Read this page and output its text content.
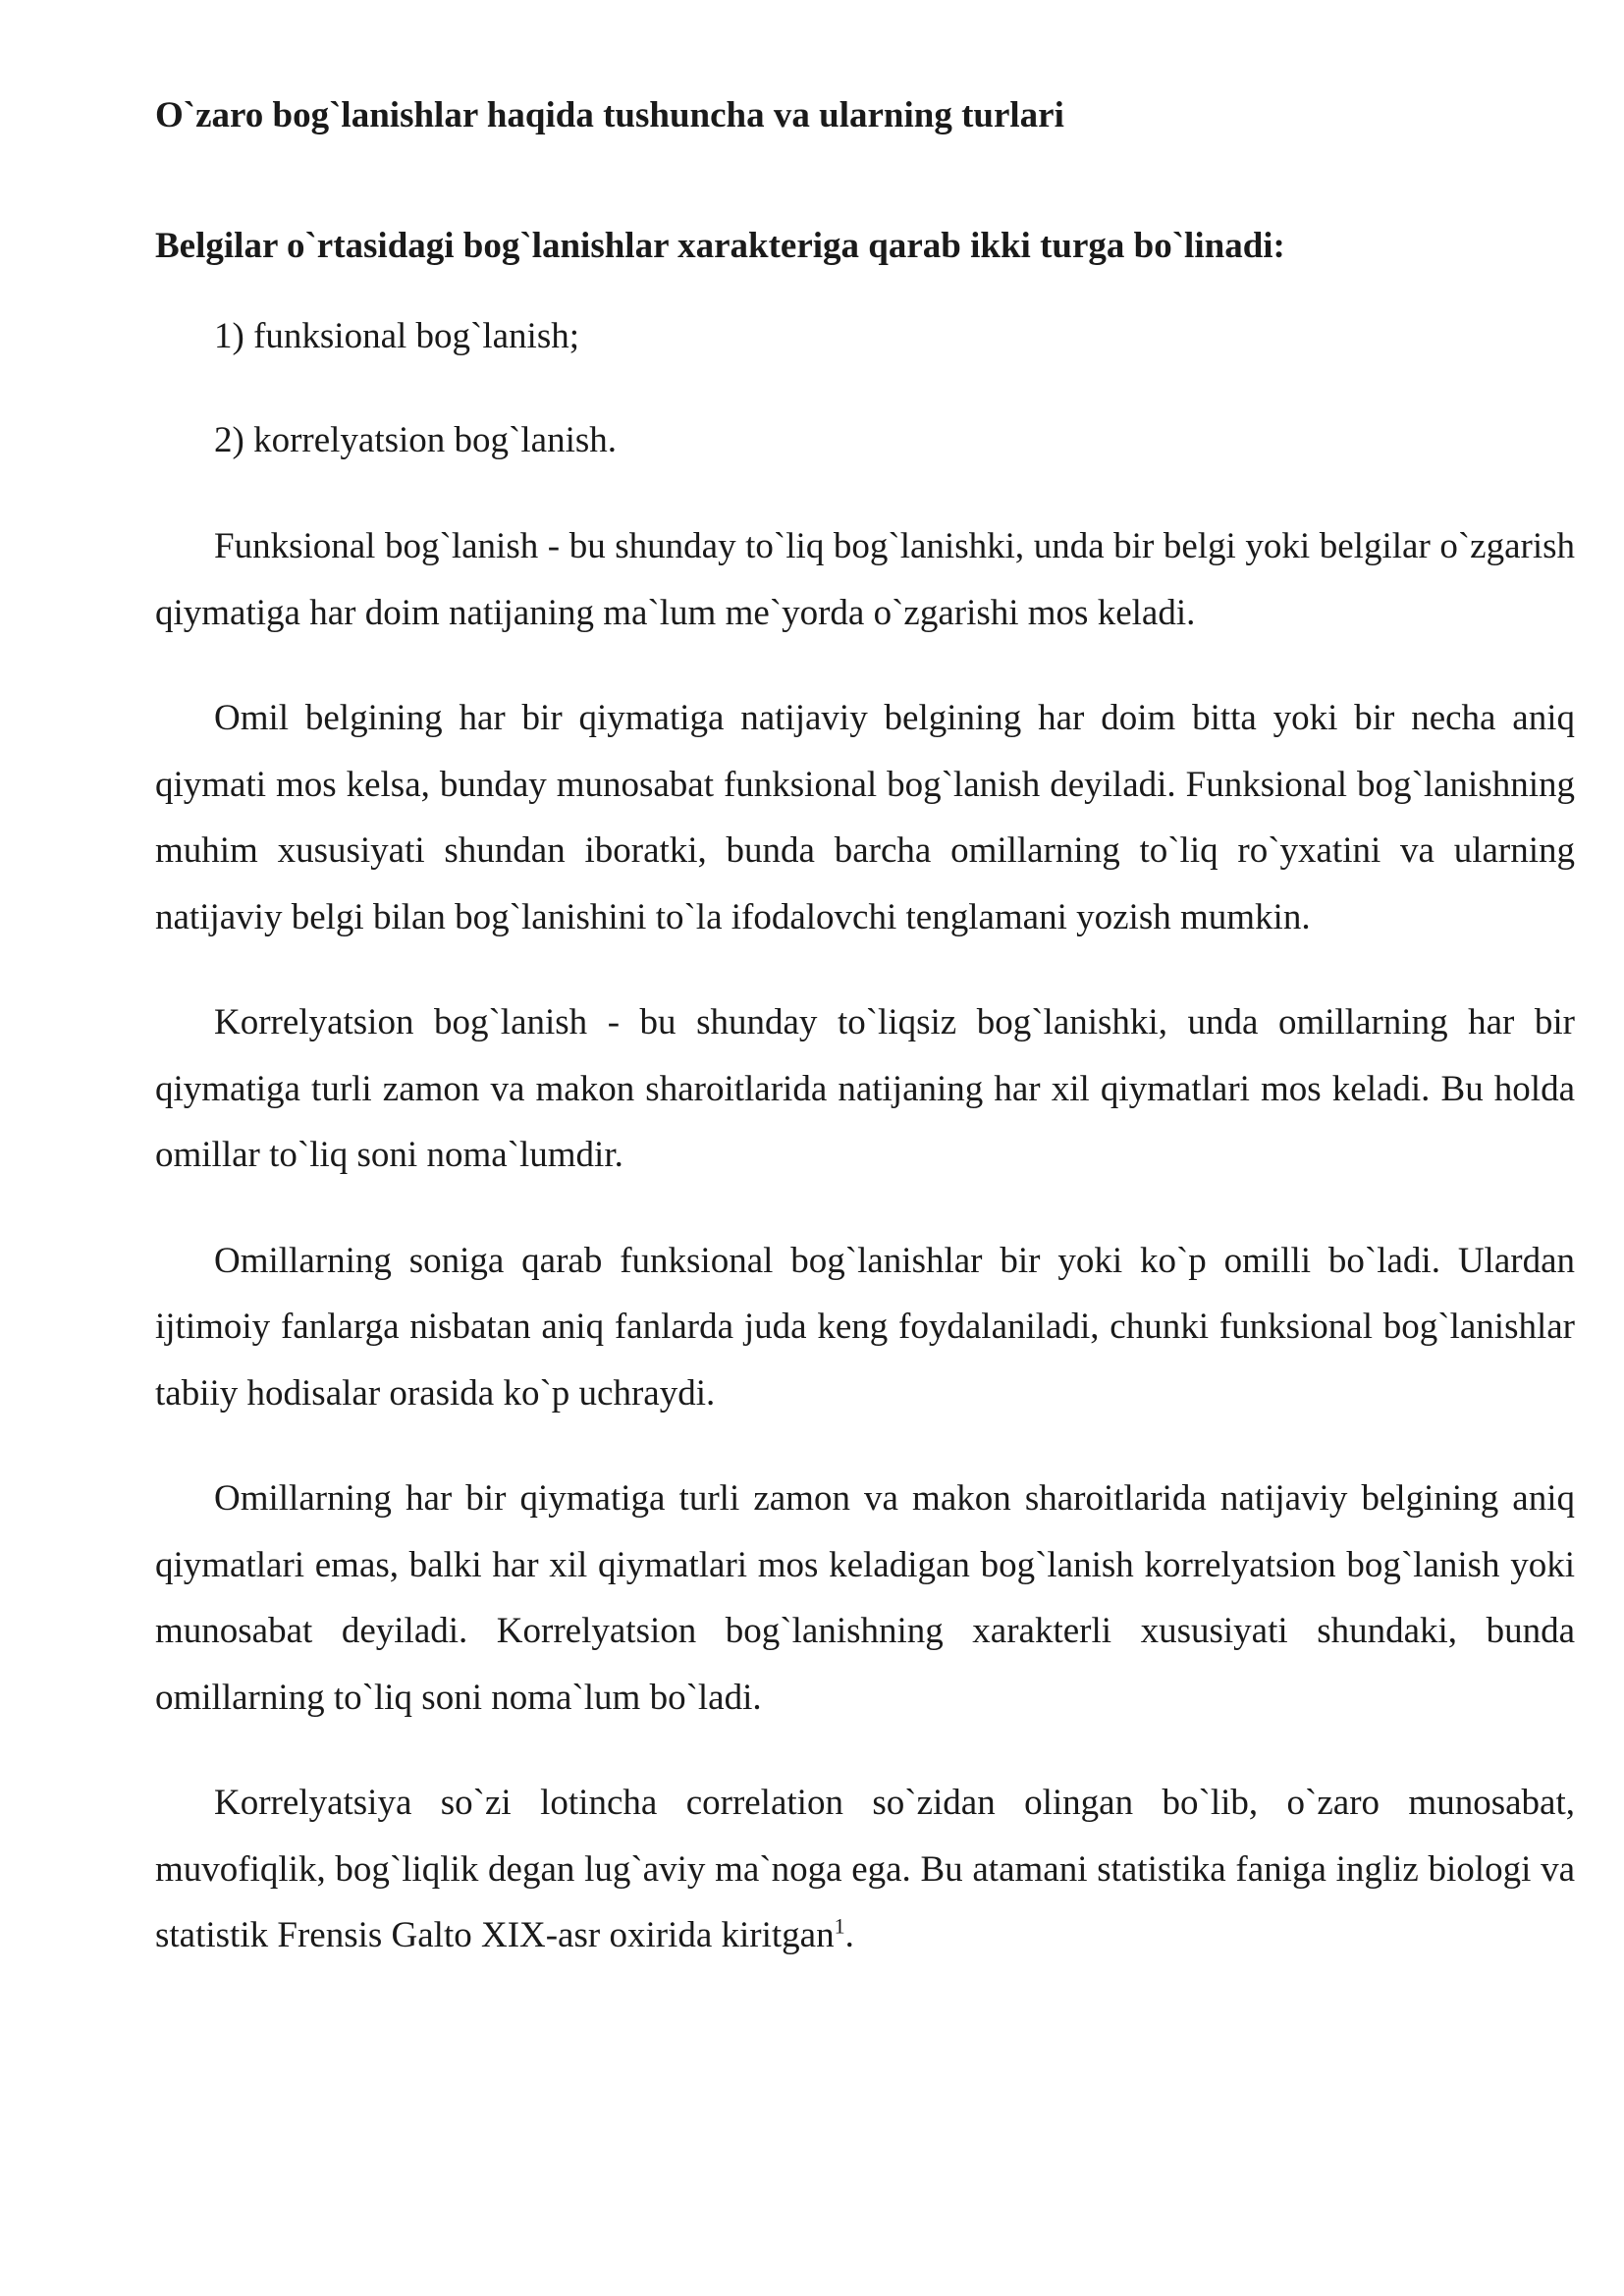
O`zaro bog`lanishlar haqida tushuncha va ularning turlari

Belgilar o`rtasidagi bog`lanishlar xarakteriga qarab ikki turga bo`linadi:

1) funksional bog`lanish;

2) korrelyatsion bog`lanish.

Funksional bog`lanish - bu shunday to`liq bog`lanishki, unda bir belgi yoki belgilar o`zgarish qiymatiga har doim natijaning ma`lum me`yorda o`zgarishi mos keladi.

Omil belgining har bir qiymatiga natijaviy belgining har doim bitta yoki bir necha aniq qiymati mos kelsa, bunday munosabat funksional bog`lanish deyiladi. Funksional bog`lanishning muhim xususiyati shundan iboratki, bunda barcha omillarning to`liq ro`yxatini va ularning natijaviy belgi bilan bog`lanishini to`la ifodalovchi tenglamani yozish mumkin.

Korrelyatsion bog`lanish - bu shunday to`liqsiz bog`lanishki, unda omillarning har bir qiymatiga turli zamon va makon sharoitlarida natijaning har xil qiymatlari mos keladi. Bu holda omillar to`liq soni noma`lumdir.

Omillarning soniga qarab funksional bog`lanishlar bir yoki ko`p omilli bo`ladi. Ulardan ijtimoiy fanlarga nisbatan aniq fanlarda juda keng foydalaniladi, chunki funksional bog`lanishlar tabiiy hodisalar orasida ko`p uchraydi.

Omillarning har bir qiymatiga turli zamon va makon sharoitlarida natijaviy belgining aniq qiymatlari emas, balki har xil qiymatlari mos keladigan bog`lanish korrelyatsion bog`lanish yoki munosabat deyiladi. Korrelyatsion bog`lanishning xarakterli xususiyati shundaki, bunda omillarning to`liq soni noma`lum bo`ladi.

Korrelyatsiya so`zi lotincha correlation so`zidan olingan bo`lib, o`zaro munosabat, muvofiqlik, bog`liqlik degan lug`aviy ma`noga ega. Bu atamani statistika faniga ingliz biologi va statistik Frensis Galto XIX-asr oxirida kiritgan$^1$.
